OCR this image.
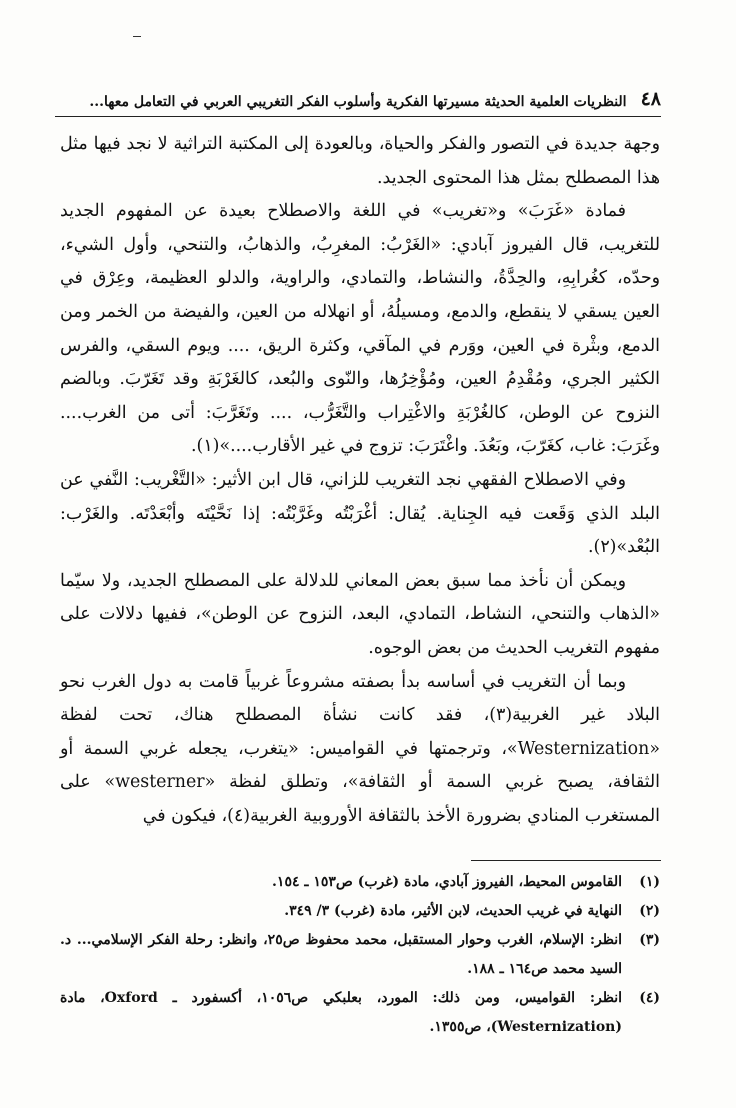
٤٨
النظريات العلمية الحديثة مسيرتها الفكرية وأسلوب الفكر التغريبي العربي في التعامل معها...

وجهة جديدة في التصور والفكر والحياة، وبالعودة إلى المكتبة التراثية لا نجد فيها مثل هذا المصطلح بمثل هذا المحتوى الجديد.

فمادة «غَرَبَ» و«تغريب» في اللغة والاصطلاح بعيدة عن المفهوم الجديد للتغريب، قال الفيروز آبادي: «الغَرْبُ: المغرِبُ، والذهابُ، والتنحي، وأول الشيء، وحدّه، كغُرابِهِ، والحِدَّةُ، والنشاط، والتمادي، والراوية، والدلو العظيمة، وعِرْق في العين يسقي لا ينقطع، والدمع، ومسيلُهُ، أو انهلاله من العين، والفيضة من الخمر ومن الدمع، وبثْرة في العين، ووَرم في المآقي، وكثرة الريق، .... ويوم السقي، والفرس الكثير الجري، ومُقْدِمُ العين، ومُؤْخِرُها، والنّوى والبُعد، كالغَرْبَةِ وقد تَغَرّبَ. وبالضم النزوح عن الوطن، كالغُرْبَةِ والاغْتِراب والتَّغَرُّب، .... وتَغَرَّبَ: أتى من الغرب.... وغَرَبَ: غاب، كغَرّبَ، وبَعُدَ. واغْتَرَبَ: تزوج في غير الأقارب....»(١).

وفي الاصطلاح الفقهي نجد التغريب للزاني، قال ابن الأثير: «التَّغْريب: النَّفي عن البلد الذي وَقَعت فيه الجِناية. يُقال: أغْرَبْتُه وغَرَّبْتُه: إذا نَحَّيْتَه وأبْعَدْتَه. والغَرْب: البُعْد»(٢).

ويمكن أن نأخذ مما سبق بعض المعاني للدلالة على المصطلح الجديد، ولا سيّما «الذهاب والتنحي، النشاط، التمادي، البعد، النزوح عن الوطن»، ففيها دلالات على مفهوم التغريب الحديث من بعض الوجوه.

وبما أن التغريب في أساسه بدأ بصفته مشروعاً غربياً قامت به دول الغرب نحو البلاد غير الغربية(٣)، فقد كانت نشأة المصطلح هناك، تحت لفظة «Westernization»، وترجمتها في القواميس: «يتغرب، يجعله غربي السمة أو الثقافة، يصبح غربي السمة أو الثقافة»، وتطلق لفظة «westerner» على المستغرب المنادي بضرورة الأخذ بالثقافة الأوروبية الغربية(٤)، فيكون في

(١)
القاموس المحيط، الفيروز آبادي، مادة (غرب) ص١٥٣ ـ ١٥٤.
(٢)
النهاية في غريب الحديث، لابن الأثير، مادة (غرب) ٣/ ٣٤٩.
(٣)
انظر: الإسلام، الغرب وحوار المستقبل، محمد محفوظ ص٢٥، وانظر: رحلة الفكر الإسلامي... د. السيد محمد ص١٦٤ ـ ١٨٨.
(٤)
انظر: القواميس، ومن ذلك: المورد، بعلبكي ص١٠٥٦، أكسفورد ـ Oxford، مادة (Westernization)، ص١٣٥٥.
